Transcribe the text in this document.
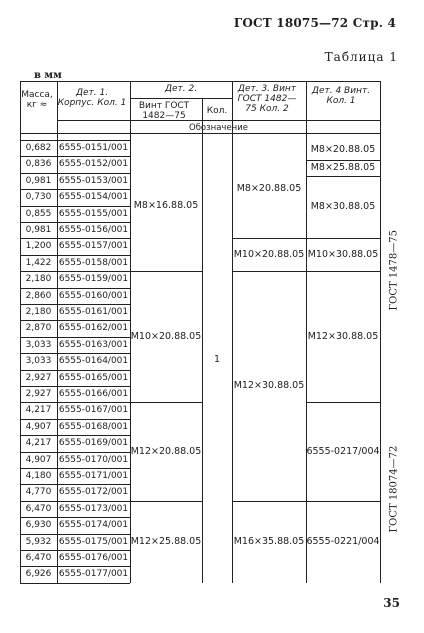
ГОСТ 18075—72 Стр. 4
Таблица 1
в мм
Масса, кг ≈
Дет. 1. Корпус. Кол. 1
Дет. 2.
Винт ГОСТ 1482—75	Кол.
Дет. 3. Винт ГОСТ 1482—75 Кол. 2
Дет. 4 Винт. Кол. 1
Обозначение
0,682 6555-0151/001
0,836 6555-0152/001
0,981 6555-0153/001
0,730 6555-0154/001
0,855 6555-0155/001
0,981 6555-0156/001
1,200 6555-0157/001
1,422 6555-0158/001
2,180 6555-0159/001
2,860 6555-0160/001
2,180 6555-0161/001
2,870 6555-0162/001
3,033 6555-0163/001
3,033 6555-0164/001
2,927 6555-0165/001
2,927 6555-0166/001
4,217 6555-0167/001
4,907 6555-0168/001
4,217 6555-0169/001
4,907 6555-0170/001
4,180 6555-0171/001
4,770 6555-0172/001
6,470 6555-0173/001
6,930 6555-0174/001
5,932 6555-0175/001
6,470 6555-0176/001
6,926 6555-0177/001
M8×16.88.05
M10×20.88.05
M12×20.88.05
M12×25.88.05
1
M8×20.88.05
M10×20.88.05
M12×30.88.05
M16×35.88.05
M8×20.88.05
M8×25.88.05
M8×30.88.05
M10×30.88.05
M12×30.88.05
6555-0217/004
6555-0221/004
ГОСТ 1478—75
ГОСТ 18074—72
35
